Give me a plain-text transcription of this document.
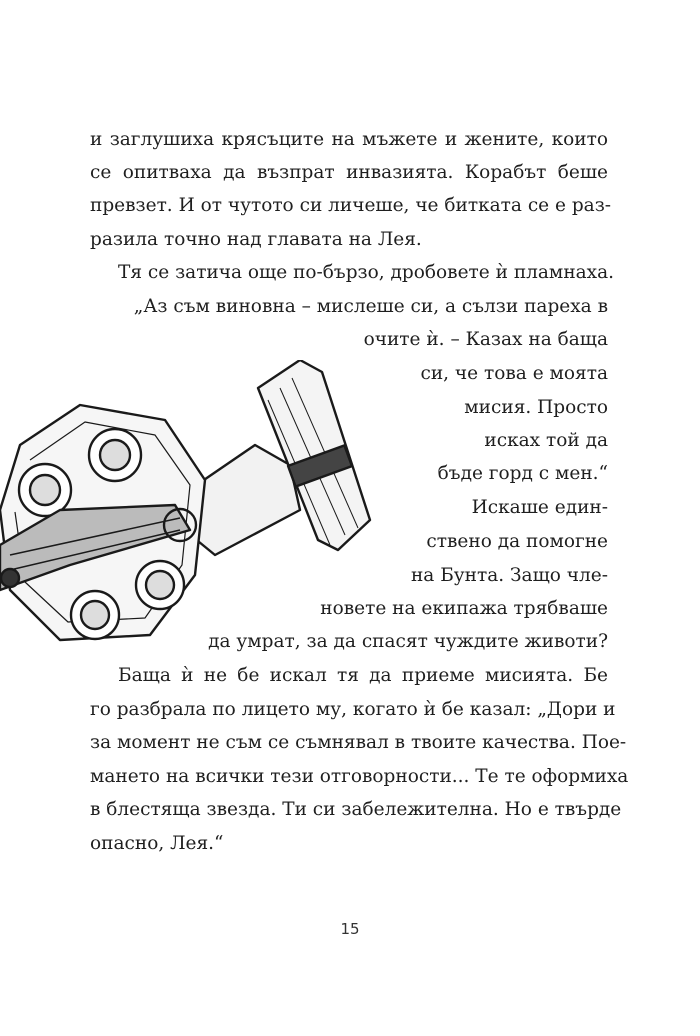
и заглушиха крясъците на мъжете и жените, които
се опитваха да възпрат инвазията. Корабът беше
превзет. И от чутото си личеше, че битката се е раз-
разила точно над главата на Лея.
Тя се затича още по-бързо, дробовете ѝ пламнаха.
„Аз съм виновна – мислеше си, а сълзи пареха в
очите ѝ. – Казах на баща
си, че това е моята
мисия. Просто
исках той да
бъде горд с мен.“
Искаше един-
ствено да помогне
на Бунта. Защо чле-
новете на екипажа трябваше
да умрат, за да спасят чуждите животи?
Баща ѝ не бе искал тя да приеме мисията. Бе
го разбрала по лицето му, когато ѝ бе казал: „Дори и
за момент не съм се съмнявал в твоите качества. Пое-
мането на всички тези отговорности... Те те оформиха
в блестяща звезда. Ти си забележителна. Но е твърде
опасно, Лея.“
15
